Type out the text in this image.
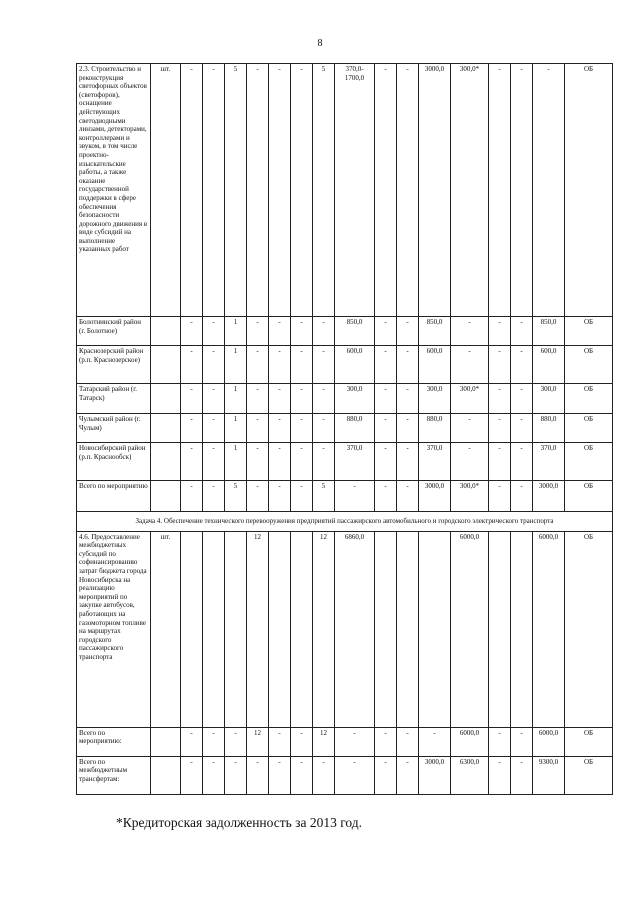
8
2.3. Строительство и реконструкция светофорных объектов (светофоров), оснащение действующих светодиодными линзами, детекторами, контроллерами и звуком, в том числе проектно-изыскательские работы, а также оказание государственной поддержки в сфере обеспечения безопасности дорожного движения в виде субсидий на выполнение указанных работ	шт.	-	-	5	-	-	-	5	370,0-1700,0	-	-	3000,0	300,0*	-	-	-	ОБ
Болотнинский район (г. Болотное)		-	-	1	-	-	-	-	850,0	-	-	850,0	-	-	-	850,0	ОБ
Краснозерский район (р.п. Краснозерское)		-	-	1	-	-	-	-	600,0	-	-	600,0	-	-	-	600,0	ОБ
Татарский район (г. Татарск)		-	-	1	-	-	-	-	300,0	-	-	300,0	300,0*	-	-	300,0	ОБ
Чулымский район (г. Чулым)		-	-	1	-	-	-	-	880,0	-	-	880,0	-	-	-	880,0	ОБ
Новосибирский район (р.п. Краснообск)		-	-	1	-	-	-	-	370,0	-	-	370,0	-	-	-	370,0	ОБ
Всего по мероприятию		-	-	5	-	-	-	5	-	-	-	3000,0	300,0*	-	-	3000,0	ОБ
Задача 4. Обеспечение технического перевооружения предприятий пассажирского автомобильного и городского электрического транспорта																	
4.6. Предоставление межбюджетных субсидий по софинансированию затрат бюджета города Новосибирска на реализацию мероприятий по закупке автобусов, работающих на газомоторном топливе на маршрутах городского пассажирского транспорта	шт.				12			12	6860,0				6000,0			6000,0	ОБ
Всего по мероприятию:		-	-	-	12	-	-	12	-	-	-	-	6000,0	-	-	6000,0	ОБ
Всего по межбюджетным трансфертам:		-	-	-	-	-	-	-	-	-	-	3000,0	6300,0	-	-	9300,0	ОБ
*Кредиторская задолженность за 2013 год.
